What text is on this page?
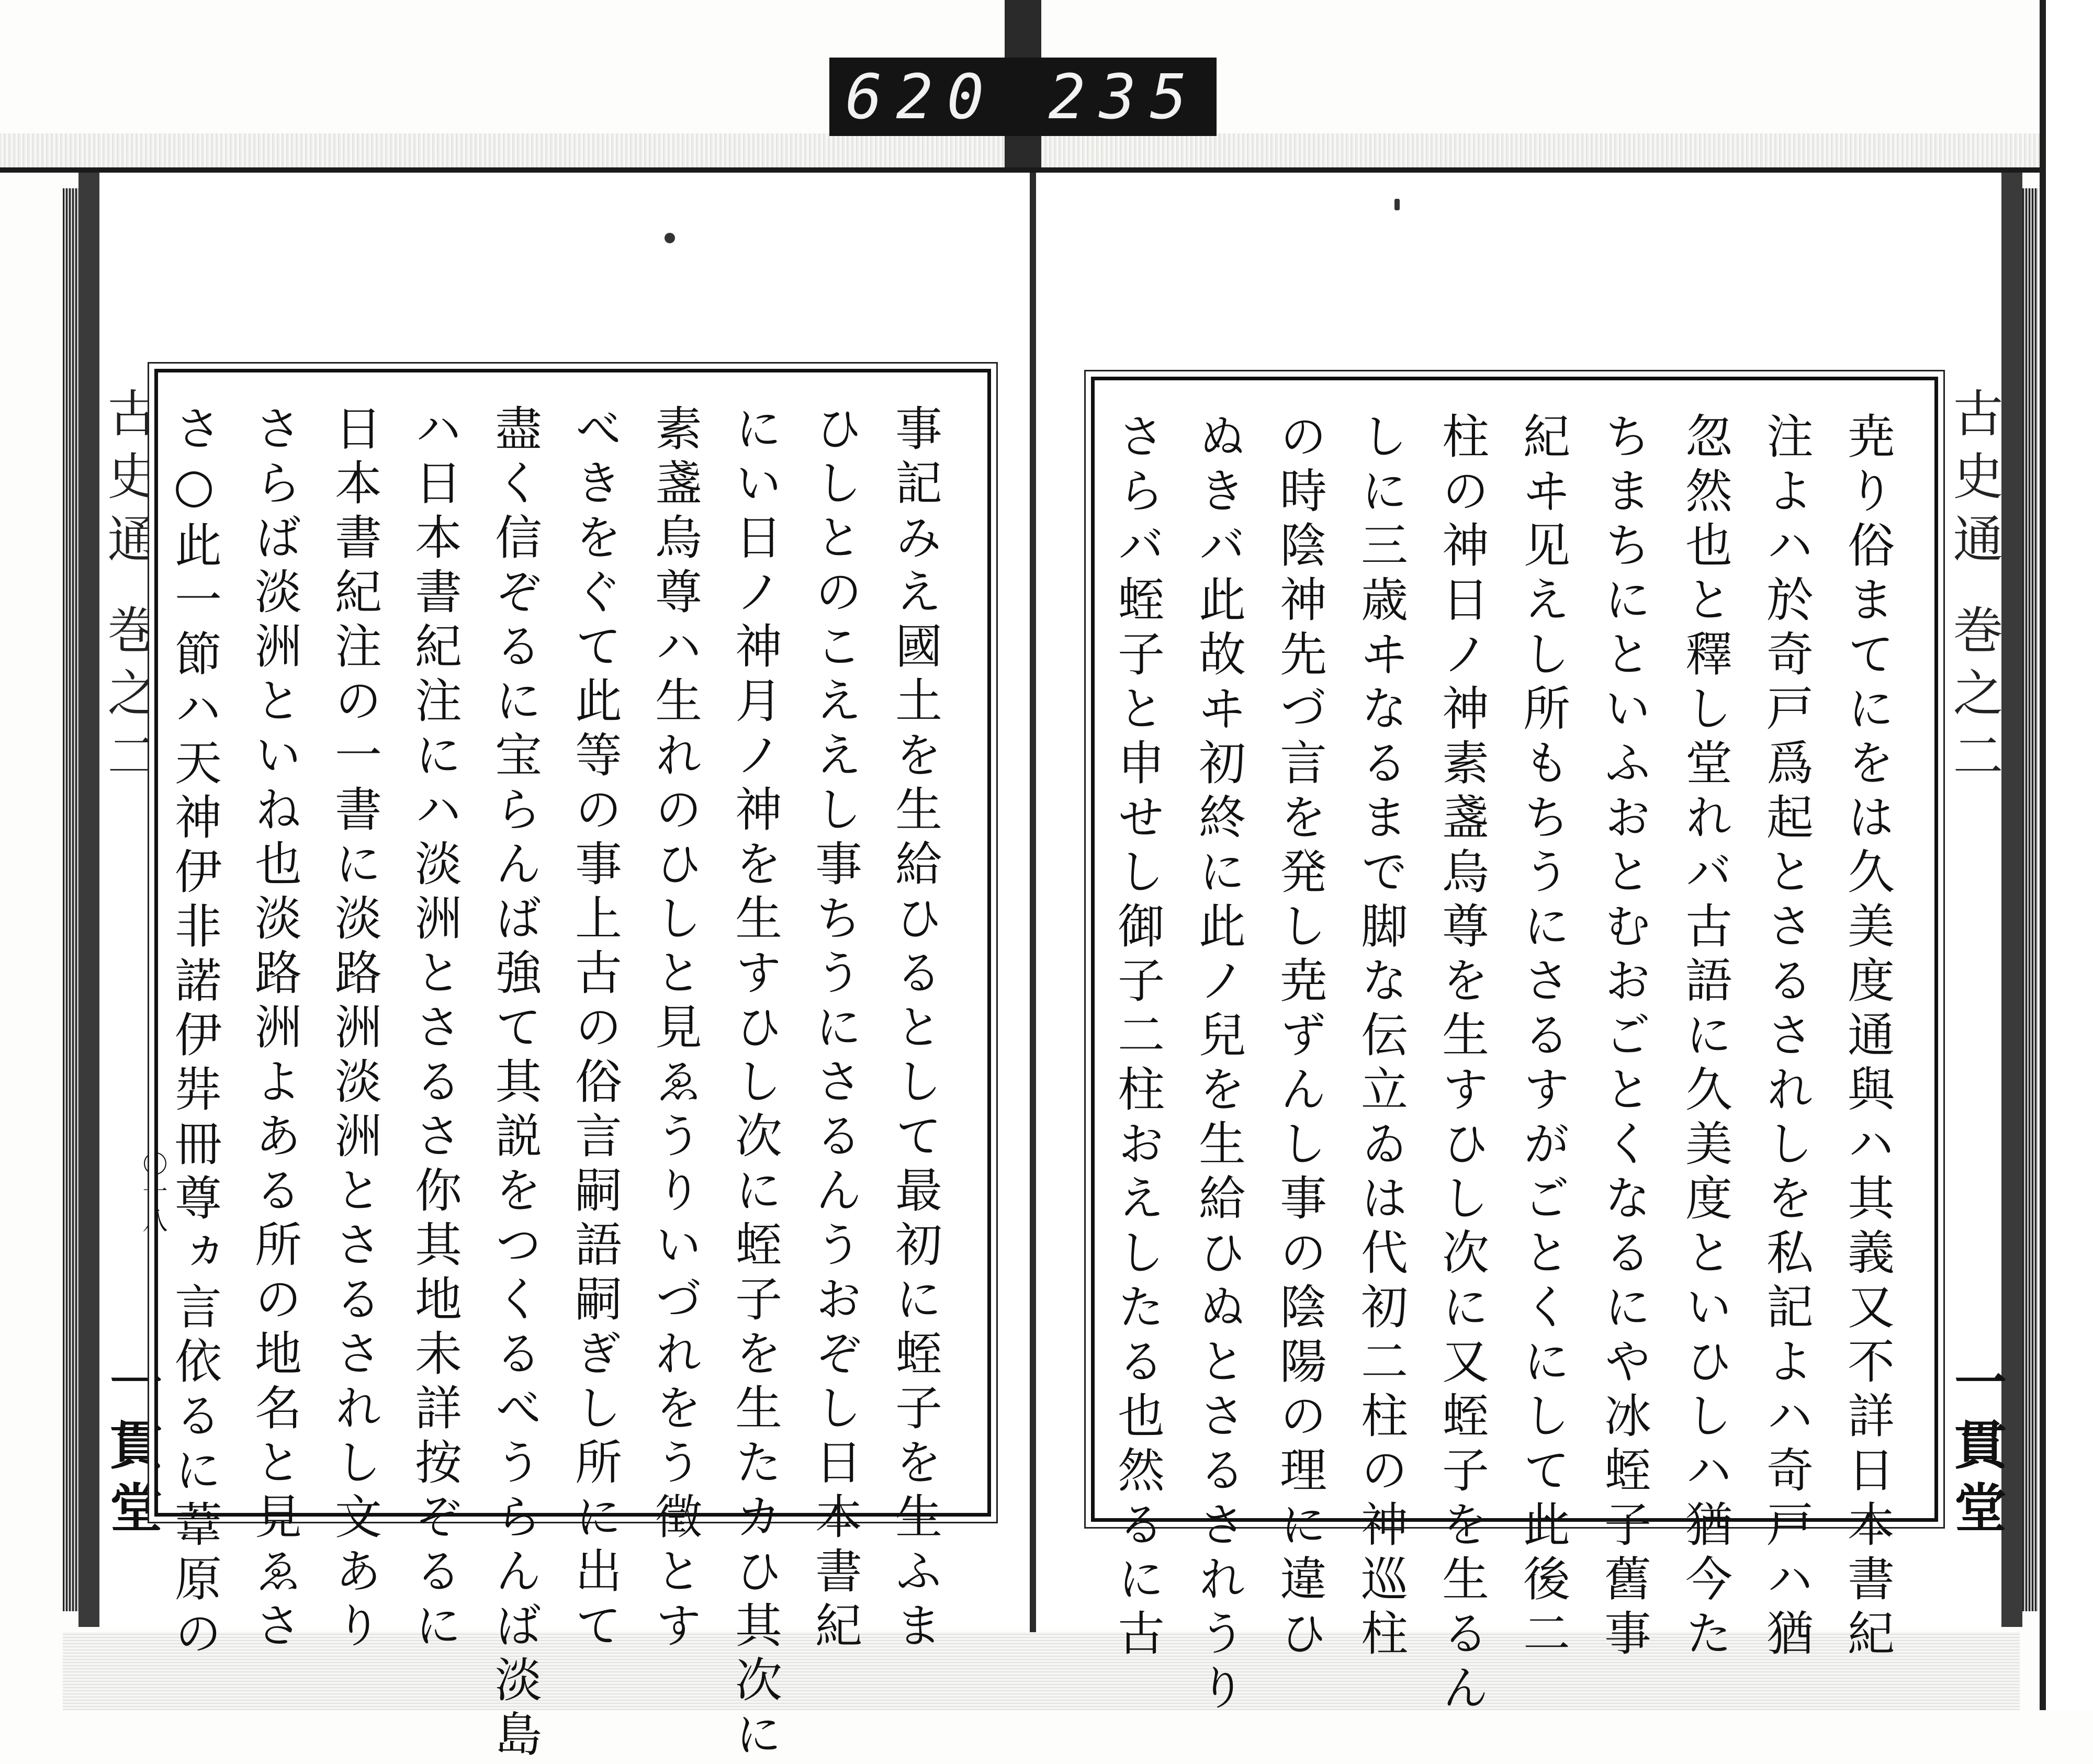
620 235
古史通 巻之二
〇十八
一貫堂	事記みえ國土を生給ひるとして最初に蛭子を生ふま
ひしとのこええし事ちうにさるんうおぞし日本書紀
にい日ノ神月ノ神を生すひし次に蛭子を生たカひ其次に
素盞烏尊ハ生れのひしと見ゑうりいづれをう徵とす
べきをぐて此等の事上古の俗言嗣語嗣ぎし所に出て
盡く信ぞるに宝らんば強て其説をつくるべうらんば淡島
ハ日本書紀注にハ淡洲とさるさ你其地未詳按ぞるに
日本書紀注の一書に淡路洲淡洲とさるされし文あり
さらば淡洲といね也淡路洲よある所の地名と見ゑさ
さ○此一節ハ天神伊非諾伊弉冊尊ヵ言依るに葦原の	古史通 巻之二
一貫堂
尭り俗まてにをは久美度通與ハ其義又不詳日本書紀
注よハ於奇戸爲起とさるされしを私記よハ奇戸ハ猶
忽然也と釋し堂れバ古語に久美度といひしハ猶今た
ちまちにといふおとむおごとくなるにや冰蛭子舊事
紀ヰ见えし所もちうにさるすがごとくにして此後二
柱の神日ノ神素盞烏尊を生すひし次に又蛭子を生るん
しに三歳ヰなるまで脚な伝立ゐは代初二柱の神巡柱
の時陰神先づ言を発し尭ずんし事の陰陽の理に違ひ
ぬきバ此故ヰ初終に此ノ兒を生給ひぬとさるされうり
さらバ蛭子と申せし御子二柱おえしたる也然るに古
